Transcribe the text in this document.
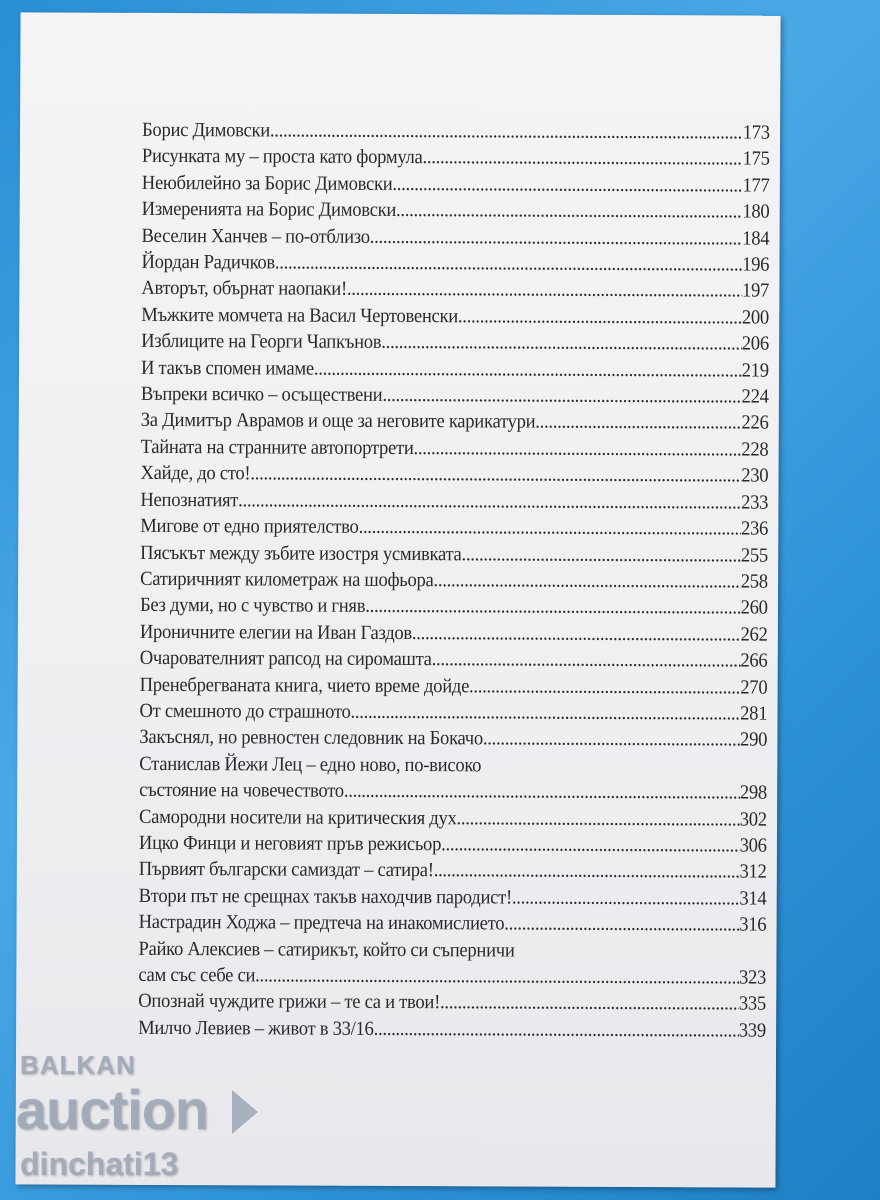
Борис Димовски .....	173
Рисунката му – проста като формула .....	175
Неюбилейно за Борис Димовски .....	177
Измеренията на Борис Димовски .....	180
Веселин Ханчев – по-отблизо .....	184
Йордан Радичков .....	196
Авторът, обърнат наопаки! .....	197
Мъжките момчета на Васил Чертовенски .....	200
Изблиците на Георги Чапкънов .....	206
И такъв спомен имаме... .....	219
Въпреки всичко – осъществени .....	224
За Димитър Аврамов и още за неговите карикатури .....	226
Тайната на странните автопортрети .....	228
Хайде, до сто! .....	230
Непознатият .....	233
Мигове от едно приятелство .....	236
Пясъкът между зъбите изостря усмивката .....	255
Сатиричният километраж на шофьора .....	258
Без думи, но с чувство и гняв .....	260
Ироничните елегии на Иван Газдов .....	262
Очарователният рапсод на сиромашта .....	266
Пренебрегваната книга, чието време дойде .....	270
От смешното до страшното... .....	281
Закъснял, но ревностен следовник на Бокачо... .....	290
Станислав Йежи Лец – едно ново, по-високо
състояние на човечеството .....	298
Самородни носители на критическия дух .....	302
Ицко Финци и неговият пръв режисьор .....	306
Първият български самиздат – сатира! .....	312
Втори път не срещнах такъв находчив пародист! .....	314
Настрадин Ходжа – предтеча на инакомислието .....	316
Райко Алексиев – сатирикът, който си съперничи
сам със себе си .....	323
Опознай чуждите грижи – те са и твои! .....	335
Милчо Левиев – живот в 33/16 .....	339
BALKAN
auction
dinchati13
